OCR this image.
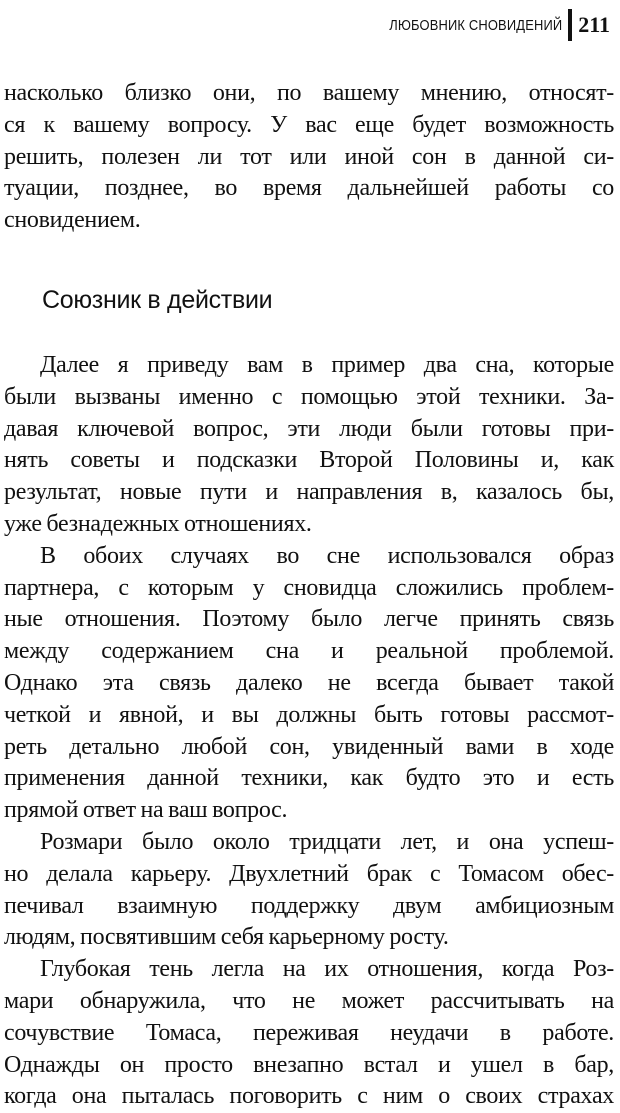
ЛЮБОВНИК СНОВИДЕНИЙ 211
насколько близко они, по вашему мнению, относят-
ся к вашему вопросу. У вас еще будет возможность
решить, полезен ли тот или иной сон в данной си-
туации, позднее, во время дальнейшей работы со
сновидением.
Союзник в действии
Далее я приведу вам в пример два сна, которые
были вызваны именно с помощью этой техники. За-
давая ключевой вопрос, эти люди были готовы при-
нять советы и подсказки Второй Половины и, как
результат, новые пути и направления в, казалось бы,
уже безнадежных отношениях.
В обоих случаях во сне использовался образ
партнера, с которым у сновидца сложились проблем-
ные отношения. Поэтому было легче принять связь
между содержанием сна и реальной проблемой.
Однако эта связь далеко не всегда бывает такой
четкой и явной, и вы должны быть готовы рассмот-
реть детально любой сон, увиденный вами в ходе
применения данной техники, как будто это и есть
прямой ответ на ваш вопрос.
Розмари было около тридцати лет, и она успеш-
но делала карьеру. Двухлетний брак с Томасом обес-
печивал взаимную поддержку двум амбициозным
людям, посвятившим себя карьерному росту.
Глубокая тень легла на их отношения, когда Роз-
мари обнаружила, что не может рассчитывать на
сочувствие Томаса, переживая неудачи в работе.
Однажды он просто внезапно встал и ушел в бар,
когда она пыталась поговорить с ним о своих страхах
